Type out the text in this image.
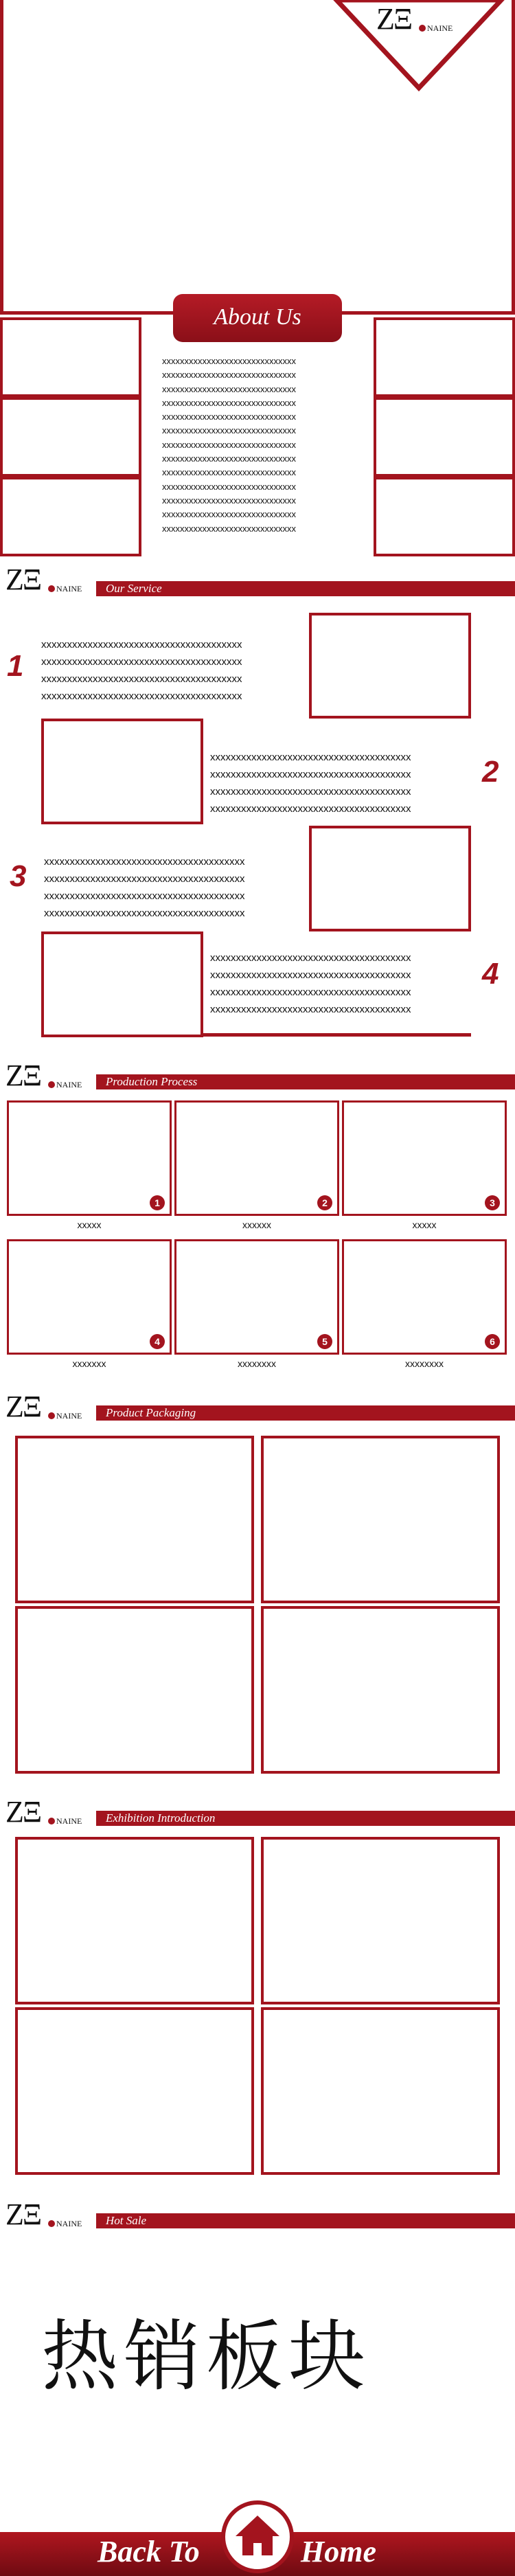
ZΞ NAINE
About Us
xxxxxxxxxxxxxxxxxxxxxxxxxxxxxx
xxxxxxxxxxxxxxxxxxxxxxxxxxxxxx
xxxxxxxxxxxxxxxxxxxxxxxxxxxxxx
xxxxxxxxxxxxxxxxxxxxxxxxxxxxxx
xxxxxxxxxxxxxxxxxxxxxxxxxxxxxx
xxxxxxxxxxxxxxxxxxxxxxxxxxxxxx
xxxxxxxxxxxxxxxxxxxxxxxxxxxxxx
xxxxxxxxxxxxxxxxxxxxxxxxxxxxxx
xxxxxxxxxxxxxxxxxxxxxxxxxxxxxx
xxxxxxxxxxxxxxxxxxxxxxxxxxxxxx
xxxxxxxxxxxxxxxxxxxxxxxxxxxxxx
xxxxxxxxxxxxxxxxxxxxxxxxxxxxxx
xxxxxxxxxxxxxxxxxxxxxxxxxxxxxx
ZΞ NAINE Our Service
1
xxxxxxxxxxxxxxxxxxxxxxxxxxxxxxxxxxxxxxx
xxxxxxxxxxxxxxxxxxxxxxxxxxxxxxxxxxxxxxx
xxxxxxxxxxxxxxxxxxxxxxxxxxxxxxxxxxxxxxx
xxxxxxxxxxxxxxxxxxxxxxxxxxxxxxxxxxxxxxx
xxxxxxxxxxxxxxxxxxxxxxxxxxxxxxxxxxxxxxx
xxxxxxxxxxxxxxxxxxxxxxxxxxxxxxxxxxxxxxx
xxxxxxxxxxxxxxxxxxxxxxxxxxxxxxxxxxxxxxx
xxxxxxxxxxxxxxxxxxxxxxxxxxxxxxxxxxxxxxx
2
3 xxxxxxxxxxxxxxxxxxxxxxxxxxxxxxxxxxxxxxx
xxxxxxxxxxxxxxxxxxxxxxxxxxxxxxxxxxxxxxx
xxxxxxxxxxxxxxxxxxxxxxxxxxxxxxxxxxxxxxx
xxxxxxxxxxxxxxxxxxxxxxxxxxxxxxxxxxxxxxx
xxxxxxxxxxxxxxxxxxxxxxxxxxxxxxxxxxxxxxx
xxxxxxxxxxxxxxxxxxxxxxxxxxxxxxxxxxxxxxx
xxxxxxxxxxxxxxxxxxxxxxxxxxxxxxxxxxxxxxx
xxxxxxxxxxxxxxxxxxxxxxxxxxxxxxxxxxxxxxx
4
ZΞ NAINE Production Process
1
xxxxx
2
xxxxxx
3
xxxxx
4
xxxxxxx
5
xxxxxxxx
6
xxxxxxxx
ZΞ NAINE Product Packaging
ZΞ NAINE Exhibition Introduction
ZΞ NAINE Hot Sale
热销板块
Back To	Home
